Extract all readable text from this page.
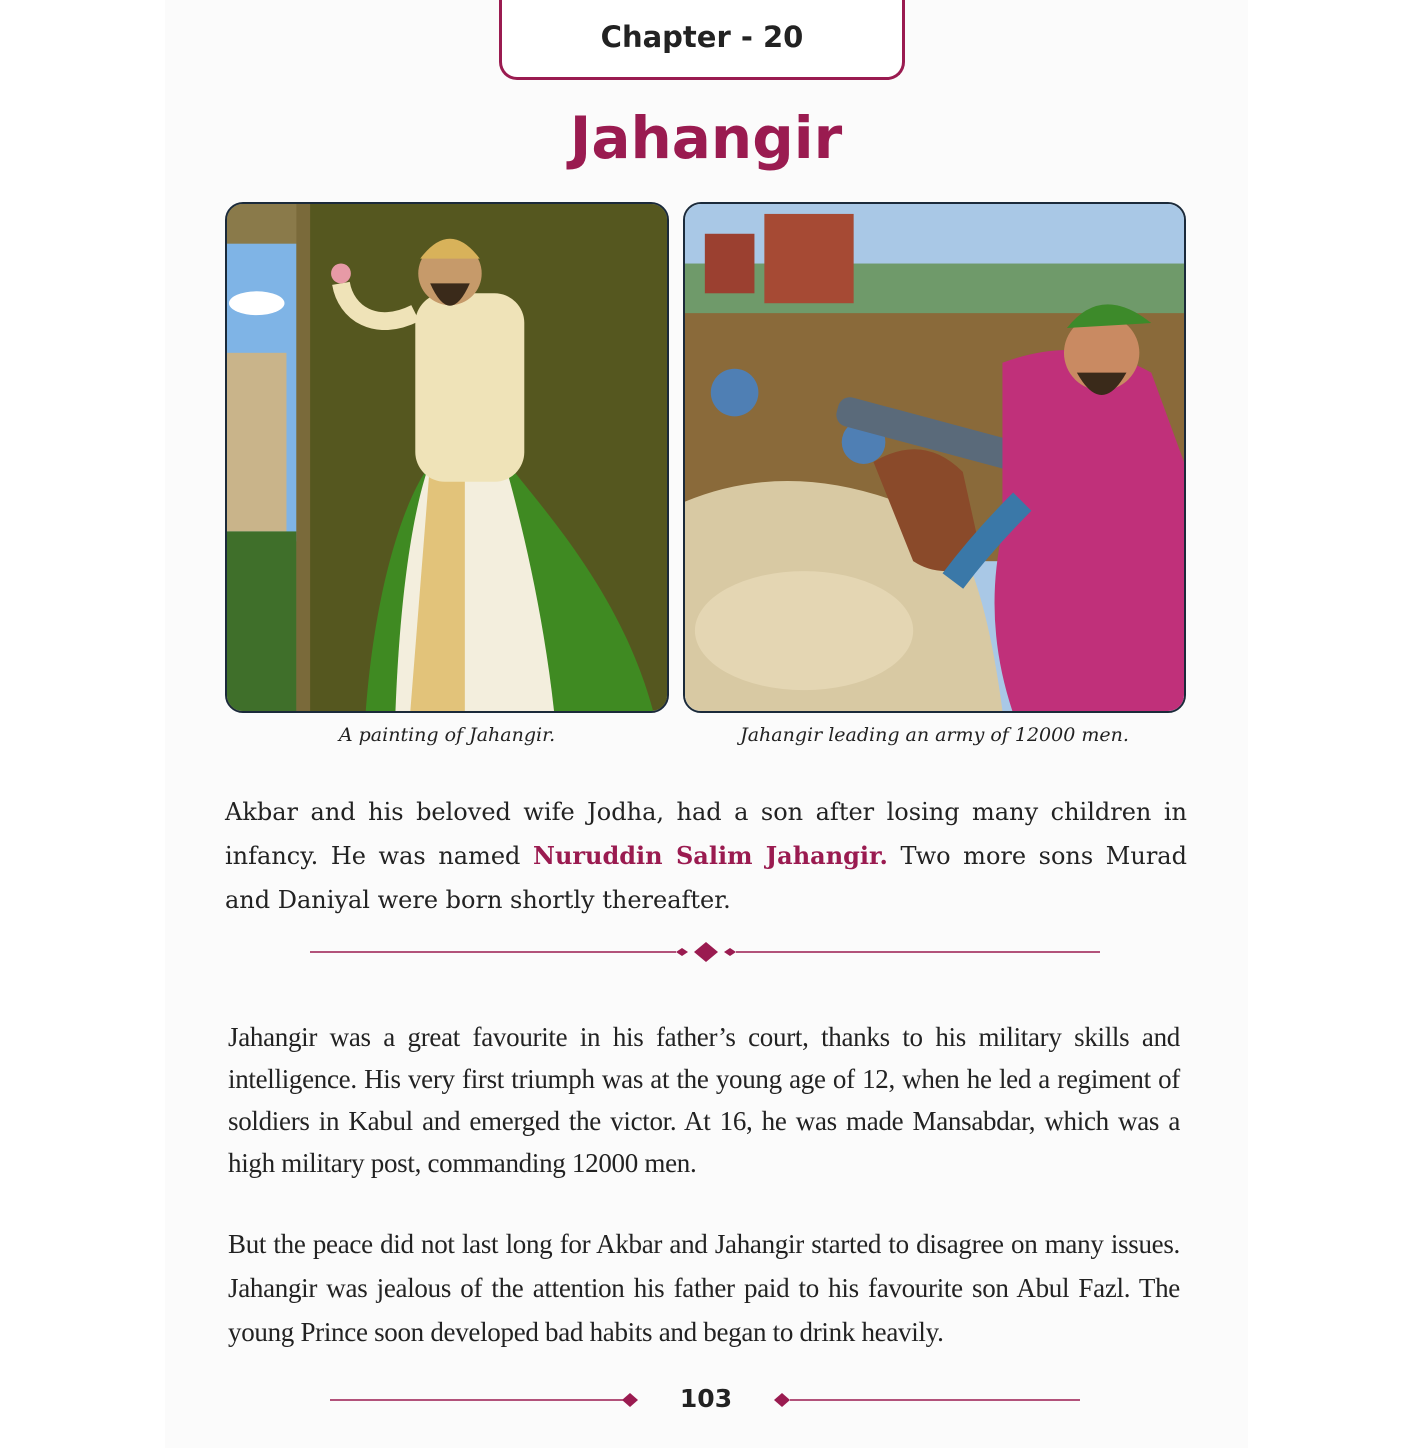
Chapter - 20
Jahangir
A painting of Jahangir.	Jahangir leading an army of 12000 men.

Akbar and his beloved wife Jodha, had a son after losing many children in infancy. He was named Nuruddin Salim Jahangir. Two more sons Murad and Daniyal were born shortly thereafter.

Jahangir was a great favourite in his father’s court, thanks to his military skills and intelligence. His very first triumph was at the young age of 12, when he led a regiment of soldiers in Kabul and emerged the victor. At 16, he was made Mansabdar, which was a high military post, commanding 12000 men.

But the peace did not last long for Akbar and Jahangir started to disagree on many issues. Jahangir was jealous of the attention his father paid to his favourite son Abul Fazl. The young Prince soon developed bad habits and began to drink heavily.

103
